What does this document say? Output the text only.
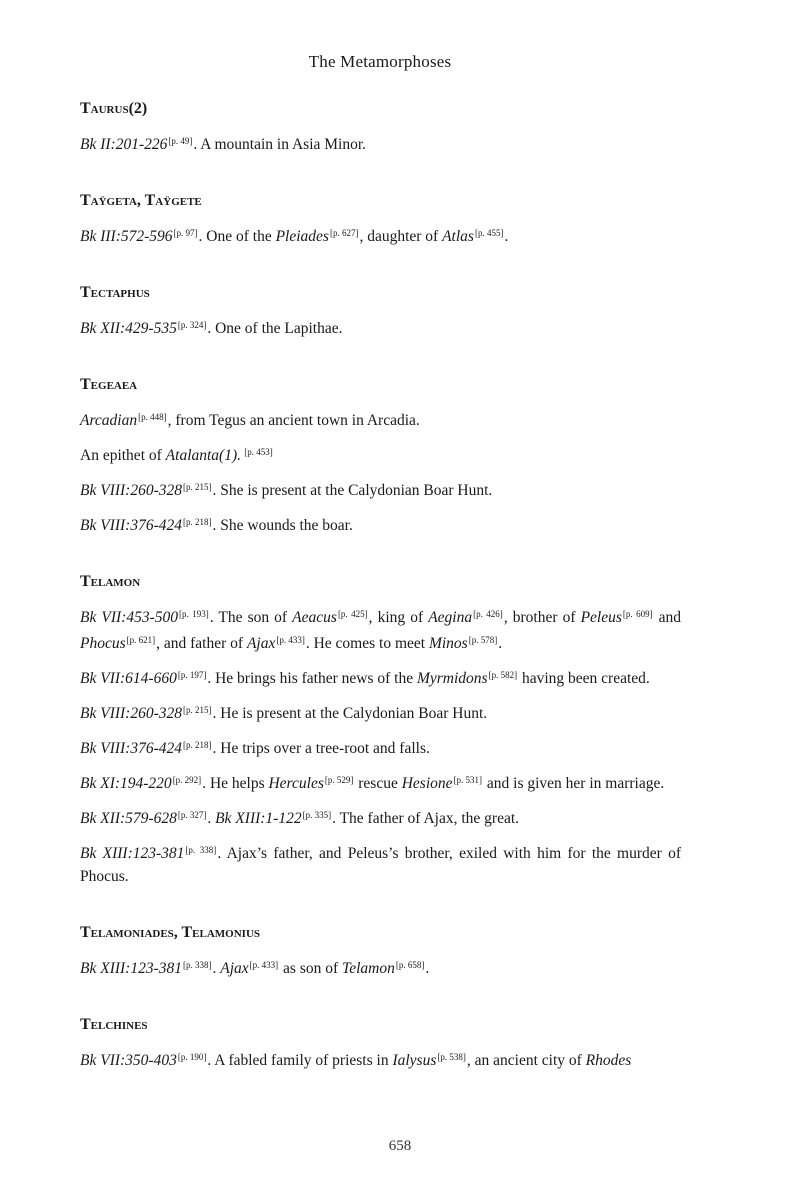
The Metamorphoses
Taurus(2)

Bk II:201-226[p. 49]. A mountain in Asia Minor.

Taÿgeta, Taÿgete

Bk III:572-596[p. 97]. One of the Pleiades[p. 627], daughter of Atlas[p. 455].

Tectaphus

Bk XII:429-535[p. 324]. One of the Lapithae.

Tegeaea

Arcadian[p. 448], from Tegus an ancient town in Arcadia.

An epithet of Atalanta(1). [p. 453]

Bk VIII:260-328[p. 215]. She is present at the Calydonian Boar Hunt.

Bk VIII:376-424[p. 218]. She wounds the boar.

Telamon

Bk VII:453-500[p. 193]. The son of Aeacus[p. 425], king of Aegina[p. 426], brother of Peleus[p. 609] and Phocus[p. 621], and father of Ajax[p. 433]. He comes to meet Minos[p. 578].

Bk VII:614-660[p. 197]. He brings his father news of the Myrmidons[p. 582] having been created.

Bk VIII:260-328[p. 215]. He is present at the Calydonian Boar Hunt.

Bk VIII:376-424[p. 218]. He trips over a tree-root and falls.

Bk XI:194-220[p. 292]. He helps Hercules[p. 529] rescue Hesione[p. 531] and is given her in marriage.

Bk XII:579-628[p. 327]. Bk XIII:1-122[p. 335]. The father of Ajax, the great.

Bk XIII:123-381[p. 338]. Ajax’s father, and Peleus’s brother, exiled with him for the murder of Phocus.

Telamoniades, Telamonius

Bk XIII:123-381[p. 338]. Ajax[p. 433] as son of Telamon[p. 658].

Telchines

Bk VII:350-403[p. 190]. A fabled family of priests in Ialysus[p. 538], an ancient city of Rhodes

658
